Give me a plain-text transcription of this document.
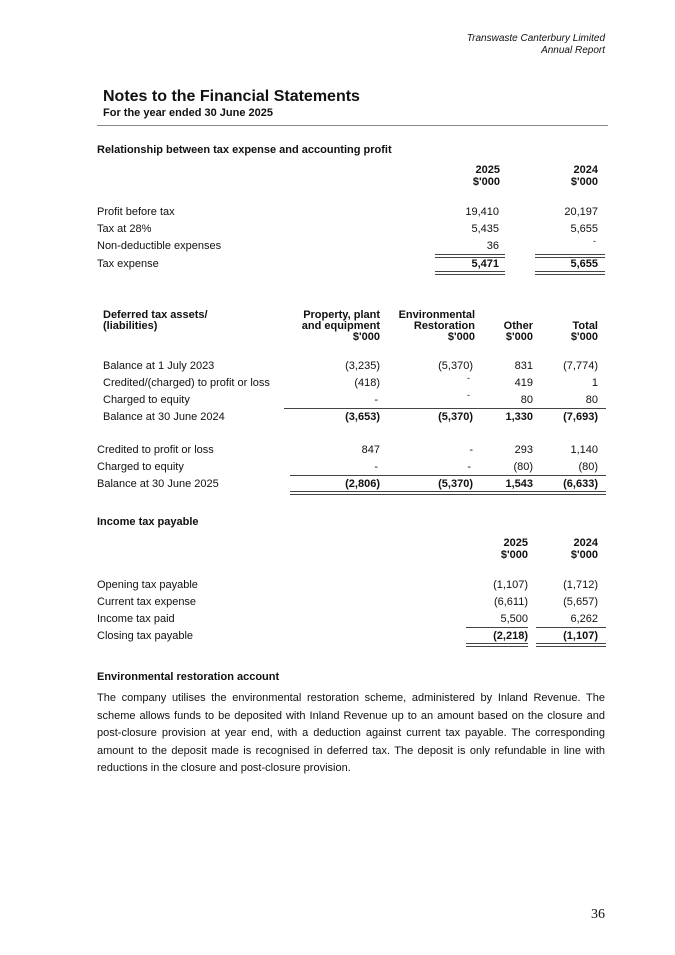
Transwaste Canterbury Limited
Annual Report
Notes to the Financial Statements
For the year ended 30 June 2025
Relationship between tax expense and accounting profit
2025
$'000
2024
$'000
Profit before tax	19,410	20,197
Tax at 28%	5,435	5,655
Non-deductible expenses	36	-
Tax expense	5,471	5,655
Deferred tax assets/
(liabilities)
Property, plant
and equipment
$'000
Environmental
Restoration
$'000
Other
$'000
Total
$'000
Balance at 1 July 2023	(3,235)	(5,370)	831	(7,774)
Credited/(charged) to profit or loss	(418)	-	419	1
Charged to equity	-	-	80	80
Balance at 30 June 2024	(3,653)	(5,370)	1,330	(7,693)
Credited to profit or loss	847	-	293	1,140
Charged to equity	-	-	(80)	(80)
Balance at 30 June 2025	(2,806)	(5,370)	1,543	(6,633)
Income tax payable
2025
$'000
2024
$'000
Opening tax payable	(1,107)	(1,712)
Current tax expense	(6,611)	(5,657)
Income tax paid	5,500	6,262
Closing tax payable	(2,218)	(1,107)
Environmental restoration account

The company utilises the environmental restoration scheme, administered by Inland Revenue. The scheme allows funds to be deposited with Inland Revenue up to an amount based on the closure and post-closure provision at year end, with a deduction against current tax payable. The corresponding amount to the deposit made is recognised in deferred tax. The deposit is only refundable in line with reductions in the closure and post-closure provision.

36
